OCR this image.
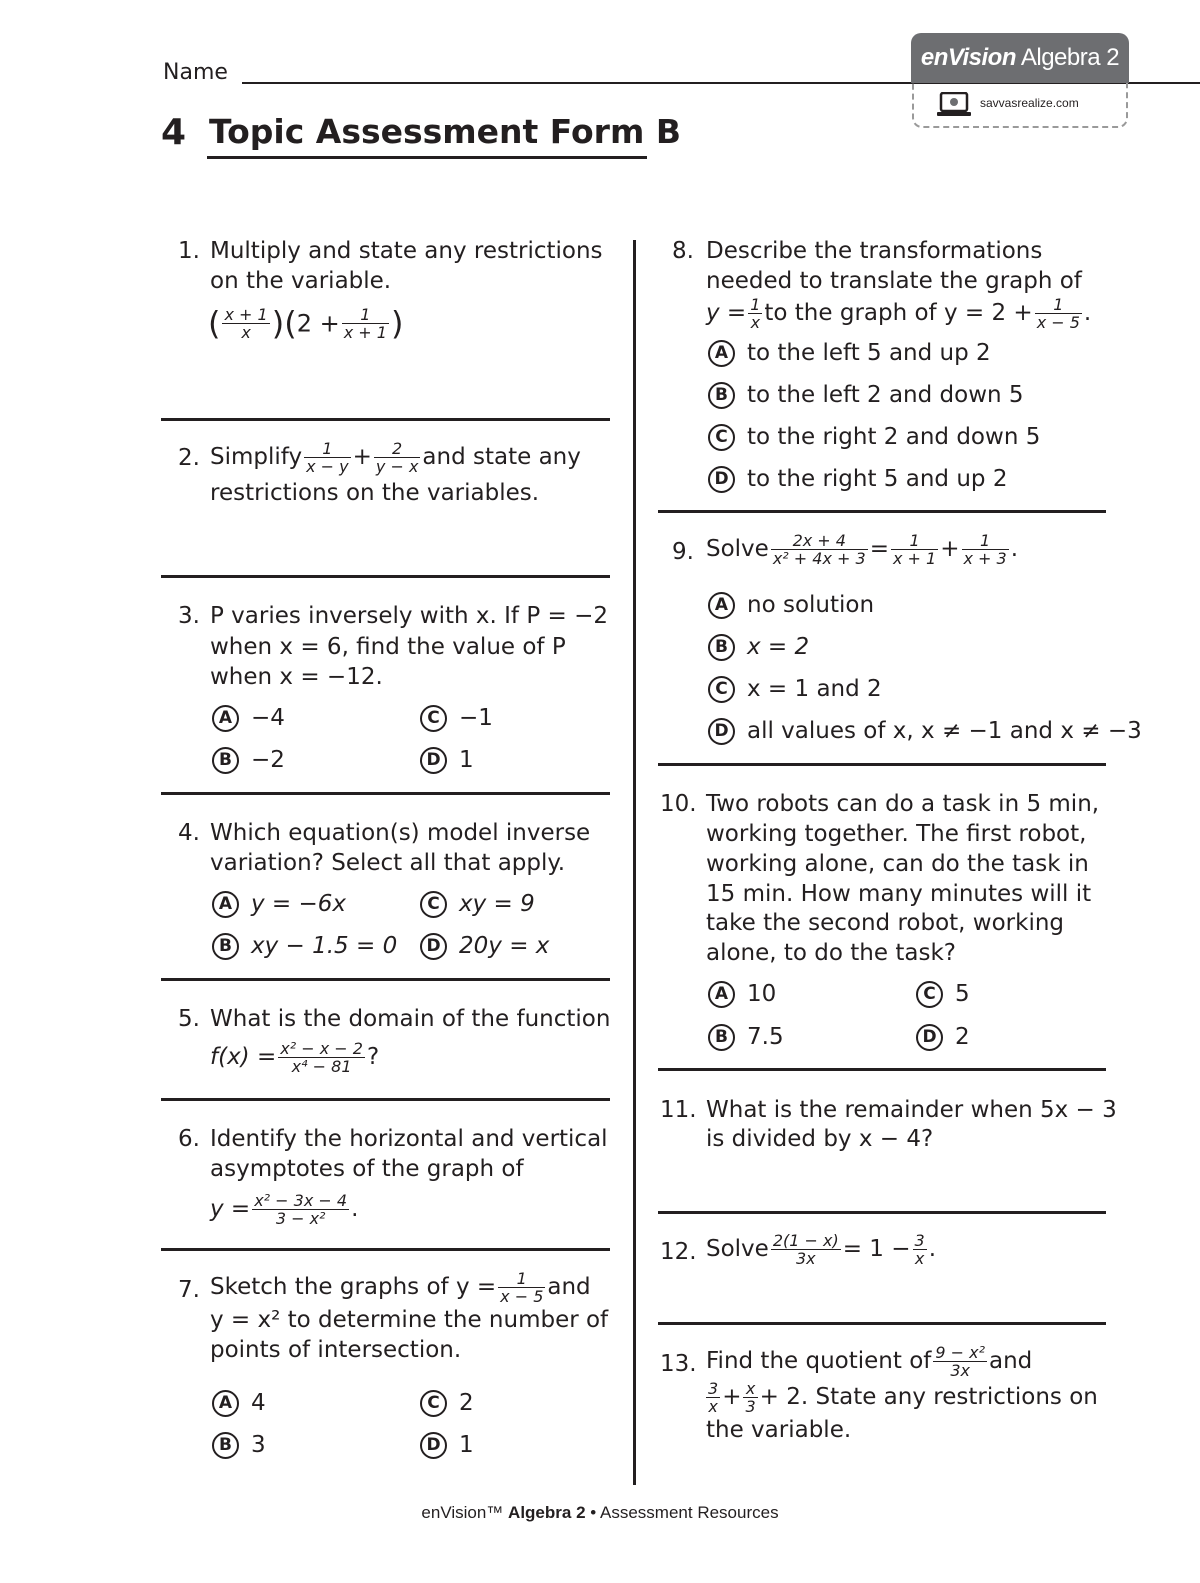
Name
enVision Algebra 2
savvasrealize.com
4 Topic Assessment Form B
1. Multiply and state any restrictions
on the variable.
( $\frac{x + 1}{x} )(2 + \frac{1}{x + 1}$ )
2. Simplify $\frac{1}{x - y} + \frac{2}{y - x}$ and state any
restrictions on the variables.
3. P varies inversely with x. If P = −2
when x = 6, find the value of P
when x = −12.
A −4
B −2
C −1
D 1
4. Which equation(s) model inverse
variation? Select all that apply.
A y = −6x
B xy − 1.5 = 0
C xy = 9
D 20y = x
5. What is the domain of the function
$f(x) = \frac{\text{x² − x − 2}}{\text{x⁴ − 81}}$ ?
6. Identify the horizontal and vertical
asymptotes of the graph of
$y = \frac{\text{x² − 3x − 4}}{\text{3 − x²}}$ .
7. Sketch the graphs of $y = \frac{1}{x - 5}$ and
y = x² to determine the number of
points of intersection.
A 4
B 3
C 2
D 1
8. Describe the transformations
needed to translate the graph of
$y = \frac{1}{x}$ to the graph of $y = 2 + \frac{1}{x - 5}$ .
A to the left 5 and up 2
B to the left 2 and down 5
C to the right 2 and down 5
D to the right 5 and up 2
9. Solve $\frac{2x + 4}{\text{x² + 4x + 3}} = \frac{1}{x + 1} + \frac{1}{x + 3}$ .
A no solution
B x = 2
C x = 1 and 2
D all values of x, x ≠ −1 and x ≠ −3
10. Two robots can do a task in 5 min,
working together. The first robot,
working alone, can do the task in
15 min. How many minutes will it
take the second robot, working
alone, to do the task?
A 10
B 7.5
C 5
D 2
11. What is the remainder when 5x − 3
is divided by x − 4?
12. Solve $\frac{2(1 - x)}{3x} = 1 - \frac{3}{x}$ .
13. Find the quotient of $\frac{\text{9 − x²}}{3x}$ and
$\frac{3}{x} + \frac{x}{3} + 2$. State any restrictions on
the variable.
enVision™ Algebra 2 • Assessment Resources
